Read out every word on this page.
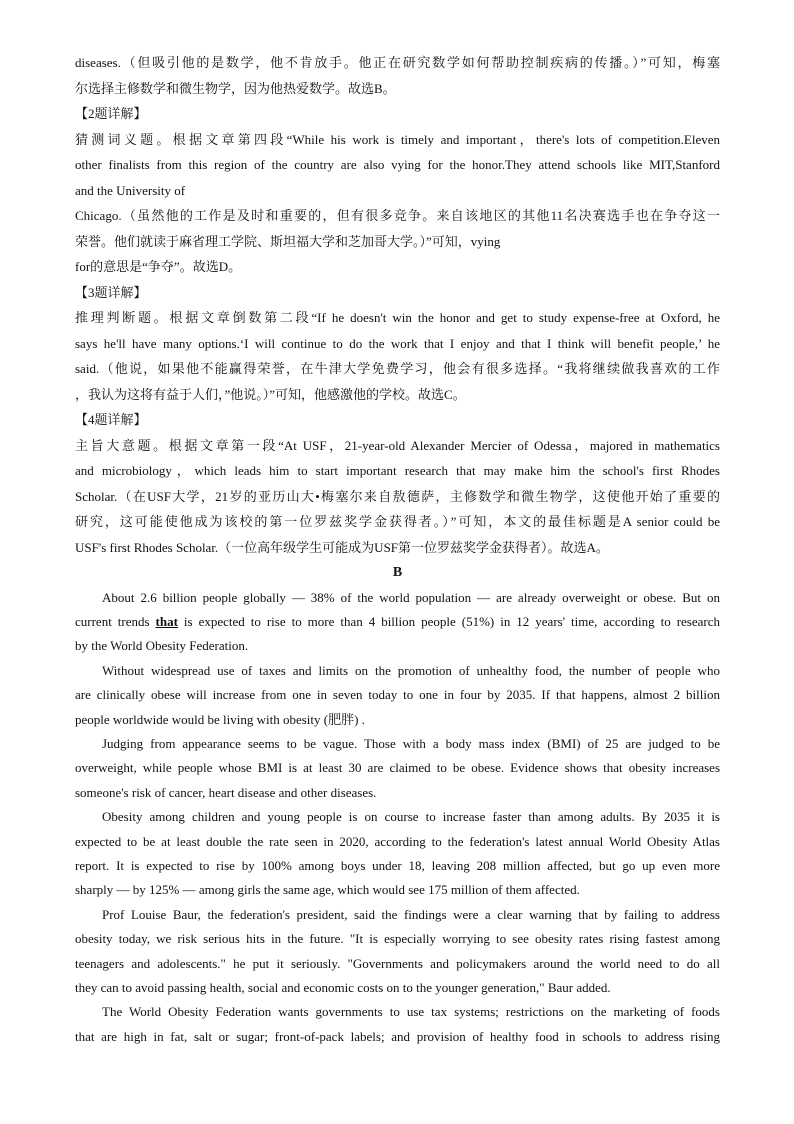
diseases.（但吸引他的是数学，他不肯放手。他正在研究数学如何帮助控制疾病的传播。）”可知，梅塞
尔选择主修数学和微生物学，因为他热爱数学。故选B。
【2题详解】
猜测词义题。根据文章第四段“While his work is timely and important，there's lots of competition.Eleven
other finalists from this region of the country are also vying for the honor.They attend schools like MIT,Stanford
and the University of
Chicago.（虽然他的工作是及时和重要的，但有很多竞争。来自该地区的其他11名决赛选手也在争夺这一
荣誉。他们就读于麻省理工学院、斯坦福大学和芝加哥大学。）”可知，vying
for的意思是“争夺”。故选D。
【3题详解】
推理判断题。根据文章倒数第二段“If he doesn't win the honor and get to study expense-free at Oxford, he
says he'll have many options.‘I will continue to do the work that I enjoy and that I think will benefit people,’ he
said.（他说，如果他不能赢得荣誉，在牛津大学免费学习，他会有很多选择。“我将继续做我喜欢的工作
，我认为这将有益于人们，”他说。）”可知，他感激他的学校。故选C。
【4题详解】
主旨大意题。根据文章第一段“At USF，21-year-old Alexander Mercier of Odessa，majored in mathematics
and microbiology，which leads him to start important research that may make him the school's first Rhodes
Scholar.（在USF大学，21岁的亚历山大•梅塞尔来自敖德萨，主修数学和微生物学，这使他开始了重要的
研究，这可能使他成为该校的第一位罗兹奖学金获得者。）”可知，本文的最佳标题是A senior could be
USF's first Rhodes Scholar.（一位高年级学生可能成为USF第一位罗兹奖学金获得者）。故选A。
B
About 2.6 billion people globally — 38% of the world population — are already overweight or obese. But on
current trends that is expected to rise to more than 4 billion people (51%) in 12 years' time, according to research
by the World Obesity Federation.
Without widespread use of taxes and limits on the promotion of unhealthy food, the number of people who
are clinically obese will increase from one in seven today to one in four by 2035. If that happens, almost 2 billion
people worldwide would be living with obesity (肥胖) .
Judging from appearance seems to be vague. Those with a body mass index (BMI) of 25 are judged to be
overweight, while people whose BMI is at least 30 are claimed to be obese. Evidence shows that obesity increases
someone's risk of cancer, heart disease and other diseases.
Obesity among children and young people is on course to increase faster than among adults. By 2035 it is
expected to be at least double the rate seen in 2020, according to the federation's latest annual World Obesity Atlas
report. It is expected to rise by 100% among boys under 18, leaving 208 million affected, but go up even more
sharply — by 125% — among girls the same age, which would see 175 million of them affected.
Prof Louise Baur, the federation's president, said the findings were a clear warning that by failing to address
obesity today, we risk serious hits in the future. "It is especially worrying to see obesity rates rising fastest among
teenagers and adolescents." he put it seriously. "Governments and policymakers around the world need to do all
they can to avoid passing health, social and economic costs on to the younger generation," Baur added.
The World Obesity Federation wants governments to use tax systems; restrictions on the marketing of foods
that are high in fat, salt or sugar; front-of-pack labels; and provision of healthy food in schools to address rising
